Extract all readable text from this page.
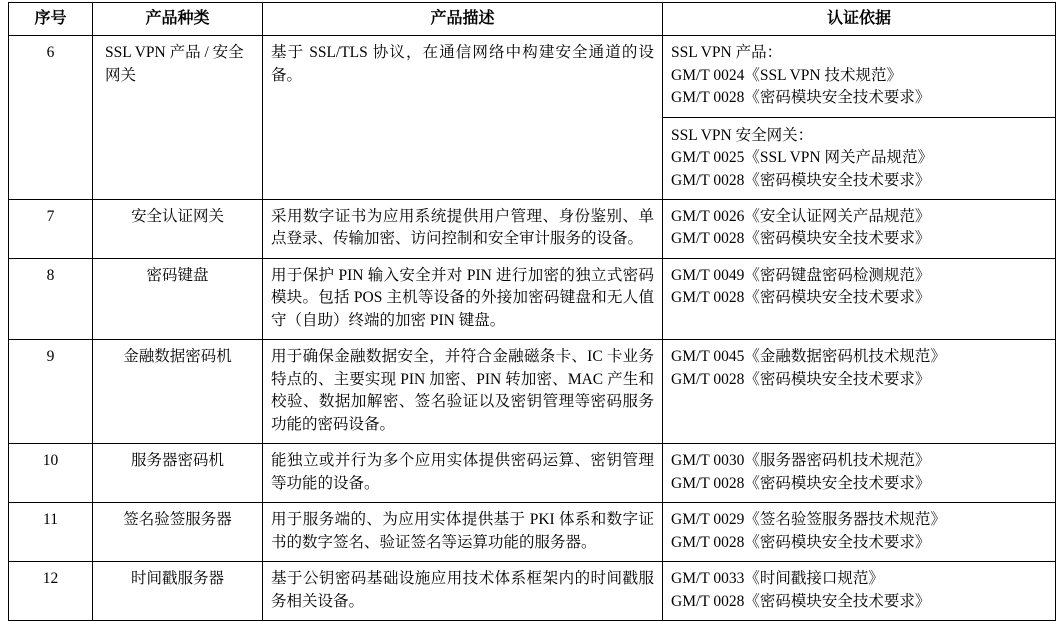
序号	产品种类	产品描述	认证依据
6	SSL VPN 产品 / 安全网关	基于 SSL/TLS 协议，在通信网络中构建安全通道的设备。	
SSL VPN 产品：
GM/T 0024《SSL VPN 技术规范》
GM/T 0028《密码模块安全技术要求》
SSL VPN 安全网关：
GM/T 0025《SSL VPN 网关产品规范》
GM/T 0028《密码模块安全技术要求》

7	安全认证网关	采用数字证书为应用系统提供用户管理、身份鉴别、单点登录、传输加密、访问控制和安全审计服务的设备。	GM/T 0026《安全认证网关产品规范》
GM/T 0028《密码模块安全技术要求》

8	密码键盘	用于保护 PIN 输入安全并对 PIN 进行加密的独立式密码模块。包括 POS 主机等设备的外接加密码键盘和无人值守（自助）终端的加密 PIN 键盘。	GM/T 0049《密码键盘密码检测规范》
GM/T 0028《密码模块安全技术要求》

9	金融数据密码机	用于确保金融数据安全，并符合金融磁条卡、IC 卡业务特点的、主要实现 PIN 加密、PIN 转加密、MAC 产生和校验、数据加解密、签名验证以及密钥管理等密码服务功能的密码设备。	GM/T 0045《金融数据密码机技术规范》
GM/T 0028《密码模块安全技术要求》

10	服务器密码机	能独立或并行为多个应用实体提供密码运算、密钥管理等功能的设备。	GM/T 0030《服务器密码机技术规范》
GM/T 0028《密码模块安全技术要求》

11	签名验签服务器	用于服务端的、为应用实体提供基于 PKI 体系和数字证书的数字签名、验证签名等运算功能的服务器。	GM/T 0029《签名验签服务器技术规范》
GM/T 0028《密码模块安全技术要求》

12	时间戳服务器	基于公钥密码基础设施应用技术体系框架内的时间戳服务相关设备。	GM/T 0033《时间戳接口规范》
GM/T 0028《密码模块安全技术要求》
